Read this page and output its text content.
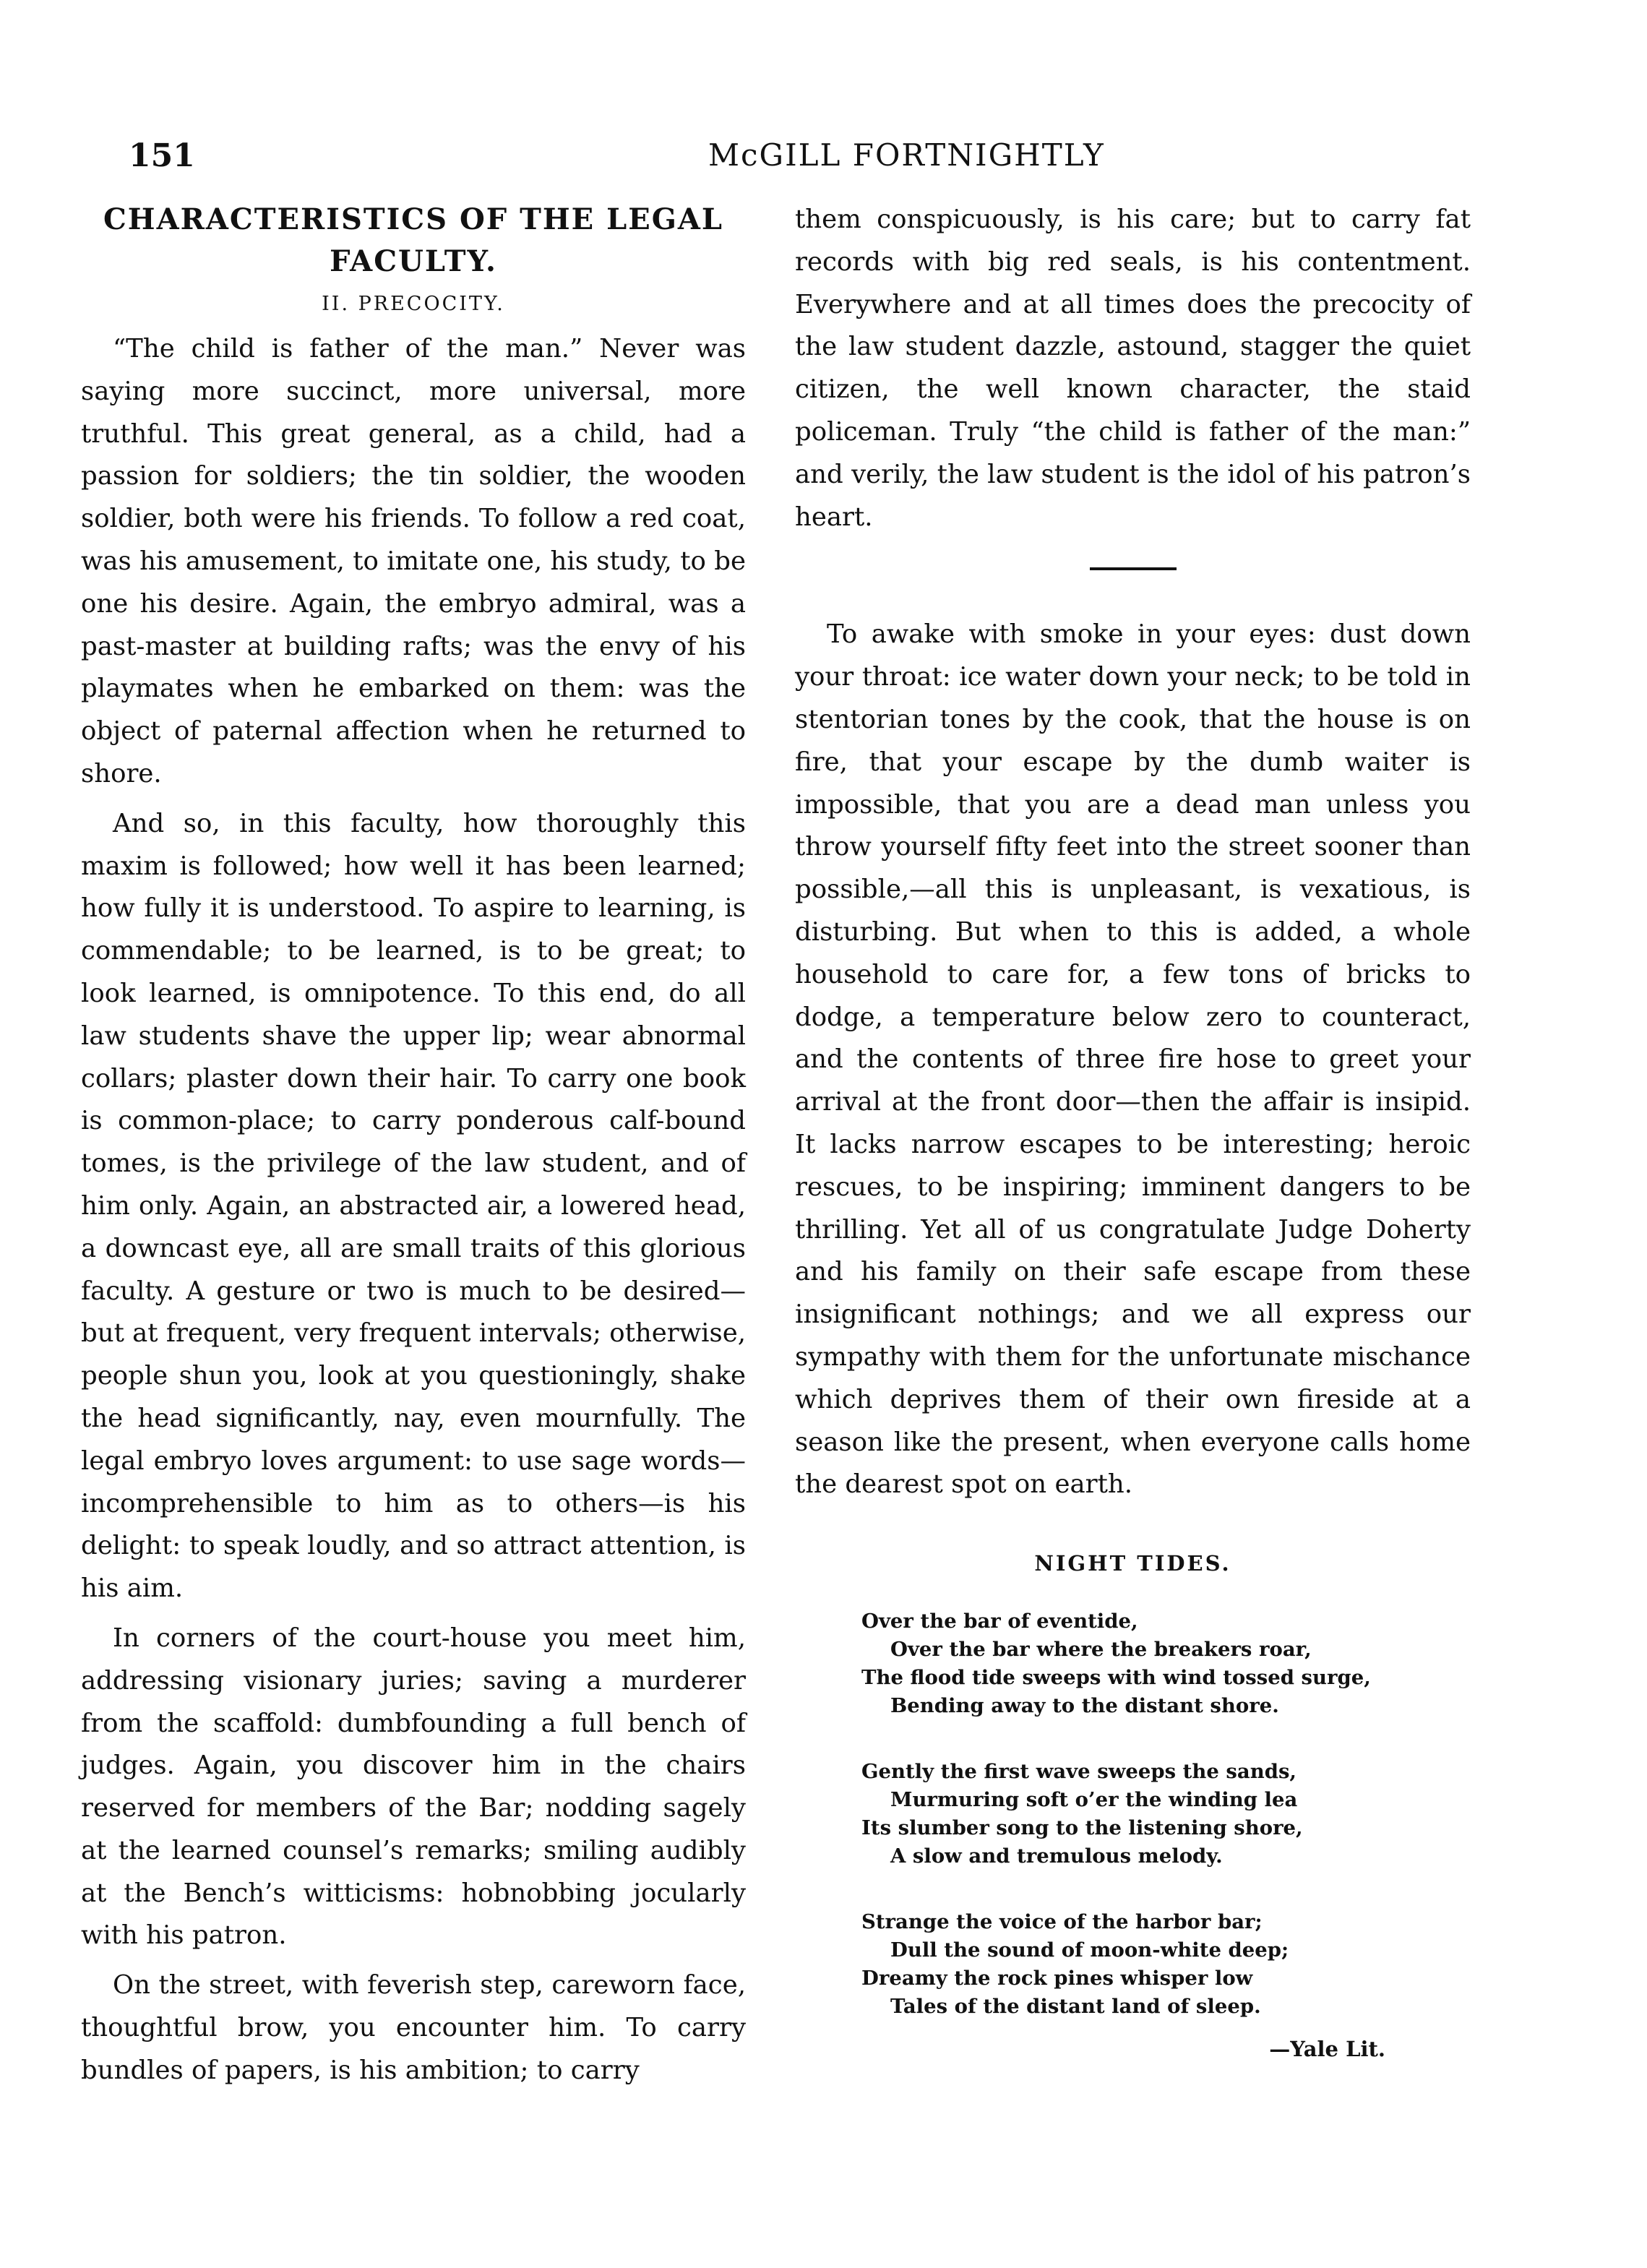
151	McGILL FORTNIGHTLY
CHARACTERISTICS OF THE LEGAL
FACULTY.
II. PRECOCITY.

“The child is father of the man.” Never was saying more succinct, more universal, more truthful. This great general, as a child, had a passion for soldiers; the tin soldier, the wooden soldier, both were his friends. To follow a red coat, was his amusement, to imitate one, his study, to be one his desire. Again, the embryo admiral, was a past-master at building rafts; was the envy of his playmates when he embarked on them: was the object of paternal affection when he returned to shore.

And so, in this faculty, how thoroughly this maxim is followed; how well it has been learned; how fully it is understood. To aspire to learning, is commendable; to be learned, is to be great; to look learned, is omnipotence. To this end, do all law students shave the upper lip; wear abnormal collars; plaster down their hair. To carry one book is common-place; to carry ponderous calf-bound tomes, is the privilege of the law student, and of him only. Again, an abstracted air, a lowered head, a downcast eye, all are small traits of this glorious faculty. A gesture or two is much to be desired—but at frequent, very frequent intervals; otherwise, people shun you, look at you questioningly, shake the head significantly, nay, even mournfully. The legal embryo loves argument: to use sage words—incomprehensible to him as to others—is his delight: to speak loudly, and so attract attention, is his aim.

In corners of the court-house you meet him, addressing visionary juries; saving a murderer from the scaffold: dumbfounding a full bench of judges. Again, you discover him in the chairs reserved for members of the Bar; nodding sagely at the learned counsel’s remarks; smiling audibly at the Bench’s witticisms: hobnobbing jocularly with his patron.

On the street, with feverish step, careworn face, thoughtful brow, you encounter him. To carry bundles of papers, is his ambition; to carry

them conspicuously, is his care; but to carry fat records with big red seals, is his contentment. Everywhere and at all times does the precocity of the law student dazzle, astound, stagger the quiet citizen, the well known character, the staid policeman. Truly “the child is father of the man:” and verily, the law student is the idol of his patron’s heart.

To awake with smoke in your eyes: dust down your throat: ice water down your neck; to be told in stentorian tones by the cook, that the house is on fire, that your escape by the dumb waiter is impossible, that you are a dead man unless you throw yourself fifty feet into the street sooner than possible,—all this is unpleasant, is vexatious, is disturbing. But when to this is added, a whole household to care for, a few tons of bricks to dodge, a temperature below zero to counteract, and the contents of three fire hose to greet your arrival at the front door—then the affair is insipid. It lacks narrow escapes to be interesting; heroic rescues, to be inspiring; imminent dangers to be thrilling. Yet all of us congratulate Judge Doherty and his family on their safe escape from these insignificant nothings; and we all express our sympathy with them for the unfortunate mischance which deprives them of their own fireside at a season like the present, when everyone calls home the dearest spot on earth.

NIGHT TIDES.
Over the bar of eventide,
Over the bar where the breakers roar,
The flood tide sweeps with wind tossed surge,
Bending away to the distant shore.
Gently the first wave sweeps the sands,
Murmuring soft o’er the winding lea
Its slumber song to the listening shore,
A slow and tremulous melody.
Strange the voice of the harbor bar;
Dull the sound of moon-white deep;
Dreamy the rock pines whisper low
Tales of the distant land of sleep.
—Yale Lit.
